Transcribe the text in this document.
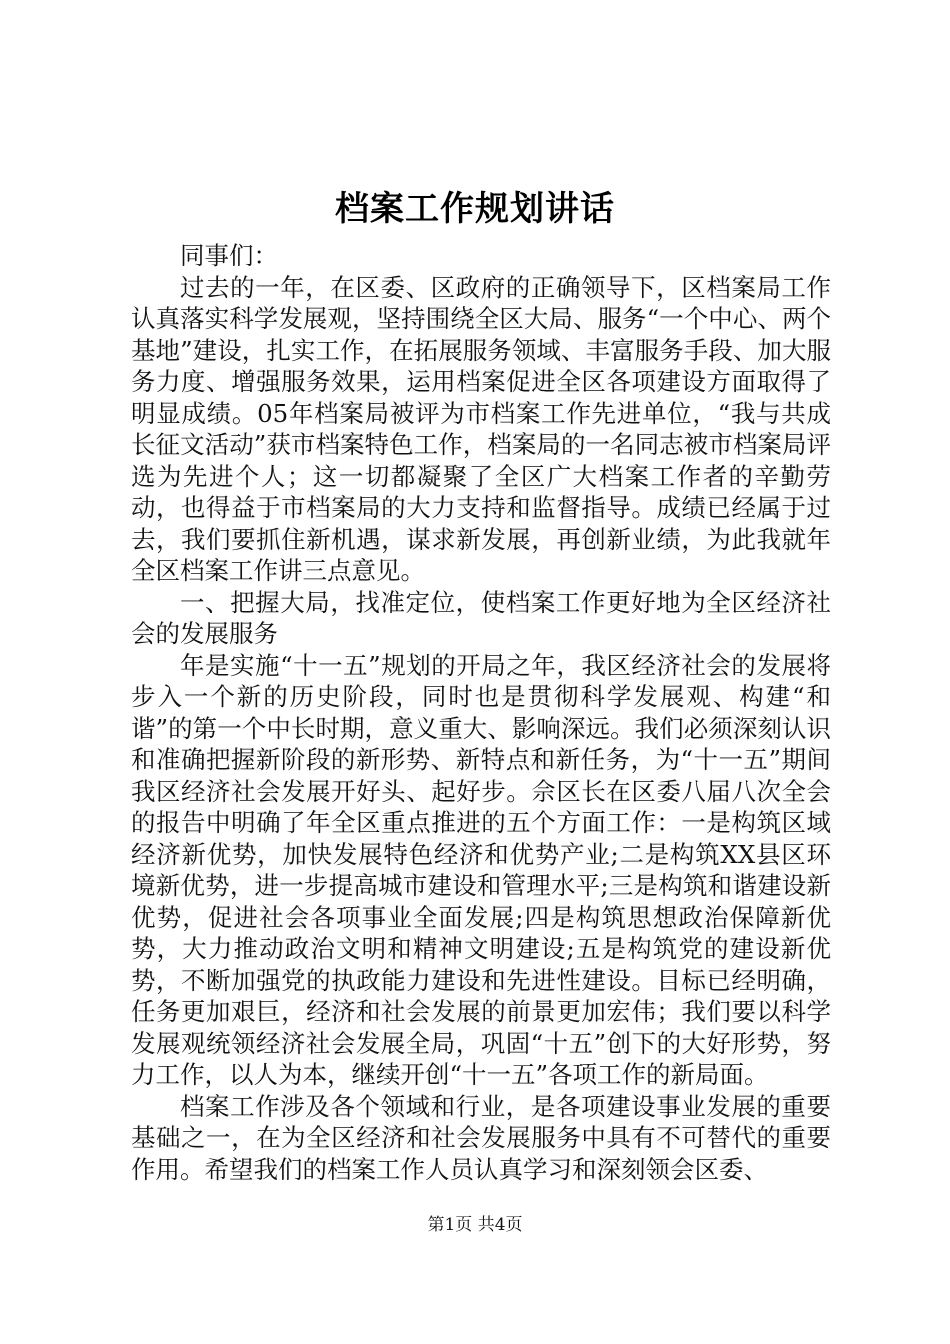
档案工作规划讲话

同事们：

过去的一年，在区委、区政府的正确领导下，区档案局工作认真落实科学发展观，坚持围绕全区大局、服务“一个中心、两个基地”建设，扎实工作，在拓展服务领域、丰富服务手段、加大服务力度、增强服务效果，运用档案促进全区各项建设方面取得了明显成绩。05年档案局被评为市档案工作先进单位，“我与共成长征文活动”获市档案特色工作，档案局的一名同志被市档案局评选为先进个人；这一切都凝聚了全区广大档案工作者的辛勤劳动，也得益于市档案局的大力支持和监督指导。成绩已经属于过去，我们要抓住新机遇，谋求新发展，再创新业绩，为此我就年全区档案工作讲三点意见。

一、把握大局，找准定位，使档案工作更好地为全区经济社会的发展服务

年是实施“十一五”规划的开局之年，我区经济社会的发展将步入一个新的历史阶段，同时也是贯彻科学发展观、构建“和谐”的第一个中长时期，意义重大、影响深远。我们必须深刻认识和准确把握新阶段的新形势、新特点和新任务，为“十一五”期间我区经济社会发展开好头、起好步。佘区长在区委八届八次全会的报告中明确了年全区重点推进的五个方面工作：一是构筑区域经济新优势，加快发展特色经济和优势产业;二是构筑XX县区环境新优势，进一步提高城市建设和管理水平;三是构筑和谐建设新优势，促进社会各项事业全面发展;四是构筑思想政治保障新优势，大力推动政治文明和精神文明建设;五是构筑党的建设新优势，不断加强党的执政能力建设和先进性建设。目标已经明确，任务更加艰巨，经济和社会发展的前景更加宏伟；我们要以科学发展观统领经济社会发展全局，巩固“十五”创下的大好形势，努力工作，以人为本，继续开创“十一五”各项工作的新局面。

档案工作涉及各个领域和行业，是各项建设事业发展的重要基础之一，在为全区经济和社会发展服务中具有不可替代的重要作用。希望我们的档案工作人员认真学习和深刻领会区委、

第1页 共4页
